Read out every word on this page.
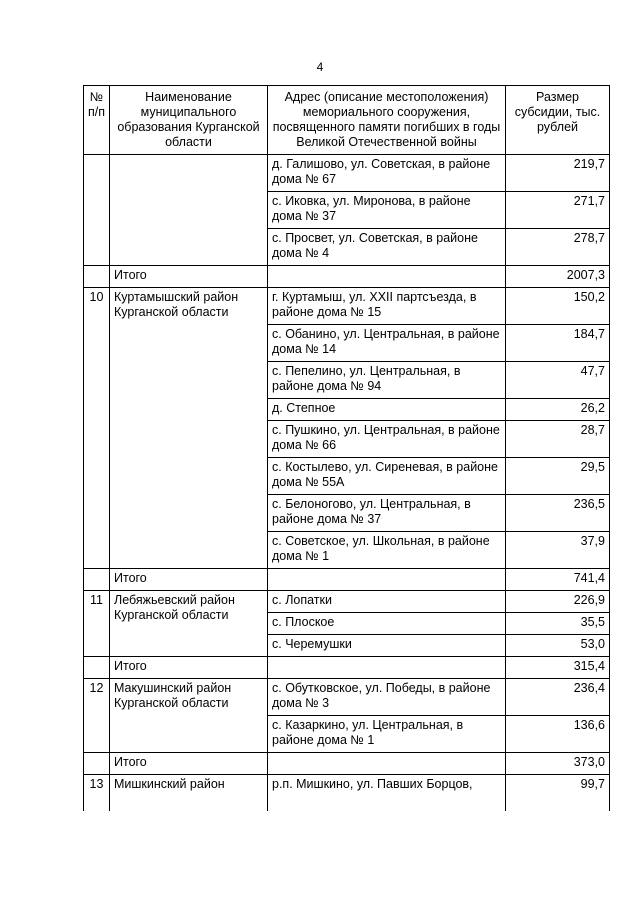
4
№ п/п	Наименование муниципального образования Курганской области	Адрес (описание местоположения) мемориального сооружения, посвященного памяти погибших в годы Великой Отечественной войны	Размер субсидии, тыс. рублей
		д. Галишово, ул. Советская, в районе дома № 67	219,7
		с. Иковка, ул. Миронова, в районе дома № 37	271,7
		с. Просвет, ул. Советская, в районе дома № 4	278,7
	Итого		2007,3
10	Куртамышский район Курганской области	г. Куртамыш, ул. XXII партсъезда, в районе дома № 15	150,2
		с. Обанино, ул. Центральная, в районе дома № 14	184,7
		с. Пепелино, ул. Центральная, в районе дома № 94	47,7
		д. Степное	26,2
		с. Пушкино, ул. Центральная, в районе дома № 66	28,7
		с. Костылево, ул. Сиреневая, в районе дома № 55А	29,5
		с. Белоногово, ул. Центральная, в районе дома № 37	236,5
		с. Советское, ул. Школьная, в районе дома № 1	37,9
	Итого		741,4
11	Лебяжьевский район Курганской области	с. Лопатки	226,9
		с. Плоское	35,5
		с. Черемушки	53,0
	Итого		315,4
12	Макушинский район Курганской области	с. Обутковское, ул. Победы, в районе дома № 3	236,4
		с. Казаркино, ул. Центральная, в районе дома № 1	136,6
	Итого		373,0
13	Мишкинский район	р.п. Мишкино, ул. Павших Борцов,	99,7
